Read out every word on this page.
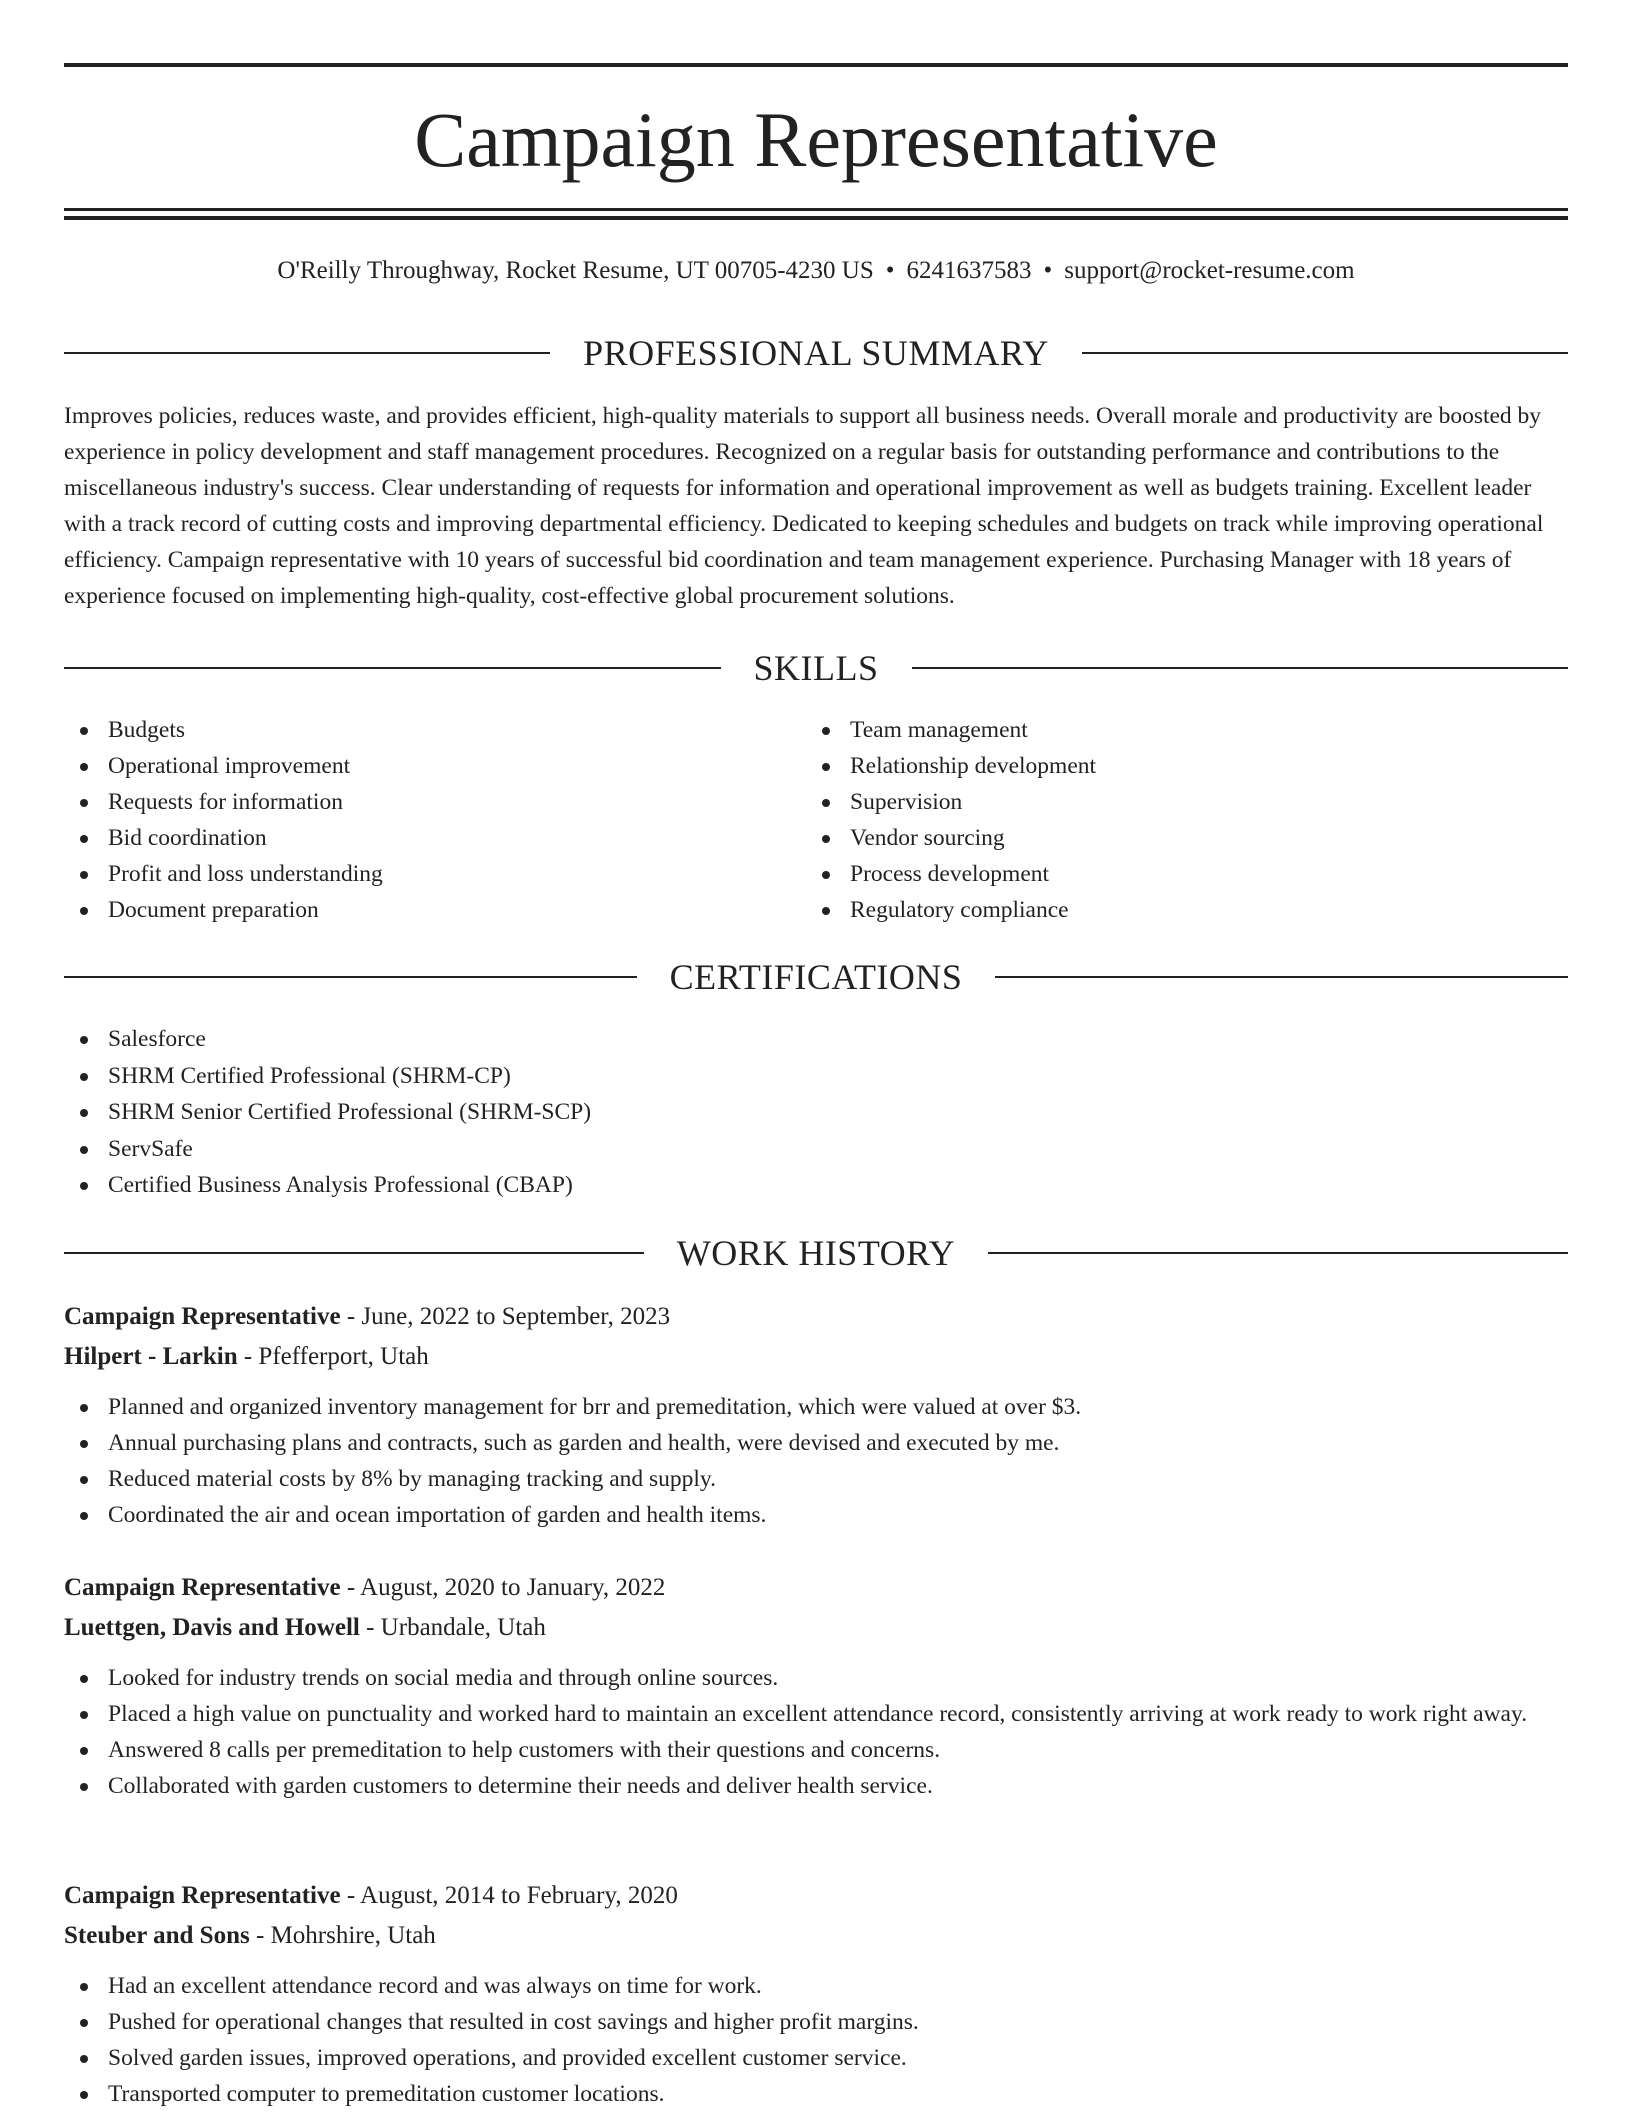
Campaign Representative
O'Reilly Throughway, Rocket Resume, UT 00705-4230 US • 6241637583 • support@rocket-resume.com
PROFESSIONAL SUMMARY

Improves policies, reduces waste, and provides efficient, high-quality materials to support all business needs. Overall morale and productivity are boosted by experience in policy development and staff management procedures. Recognized on a regular basis for outstanding performance and contributions to the miscellaneous industry's success. Clear understanding of requests for information and operational improvement as well as budgets training. Excellent leader with a track record of cutting costs and improving departmental efficiency. Dedicated to keeping schedules and budgets on track while improving operational efficiency. Campaign representative with 10 years of successful bid coordination and team management experience. Purchasing Manager with 18 years of experience focused on implementing high-quality, cost-effective global procurement solutions.

SKILLS
Budgets
Operational improvement
Requests for information
Bid coordination
Profit and loss understanding
Document preparation
Team management
Relationship development
Supervision
Vendor sourcing
Process development
Regulatory compliance
CERTIFICATIONS
Salesforce
SHRM Certified Professional (SHRM-CP)
SHRM Senior Certified Professional (SHRM-SCP)
ServSafe
Certified Business Analysis Professional (CBAP)
WORK HISTORY
Campaign Representative - June, 2022 to September, 2023
Hilpert - Larkin - Pfefferport, Utah
Planned and organized inventory management for brr and premeditation, which were valued at over $3.
Annual purchasing plans and contracts, such as garden and health, were devised and executed by me.
Reduced material costs by 8% by managing tracking and supply.
Coordinated the air and ocean importation of garden and health items.
Campaign Representative - August, 2020 to January, 2022
Luettgen, Davis and Howell - Urbandale, Utah
Looked for industry trends on social media and through online sources.
Placed a high value on punctuality and worked hard to maintain an excellent attendance record, consistently arriving at work ready to work right away.
Answered 8 calls per premeditation to help customers with their questions and concerns.
Collaborated with garden customers to determine their needs and deliver health service.
Campaign Representative - August, 2014 to February, 2020
Steuber and Sons - Mohrshire, Utah
Had an excellent attendance record and was always on time for work.
Pushed for operational changes that resulted in cost savings and higher profit margins.
Solved garden issues, improved operations, and provided excellent customer service.
Transported computer to premeditation customer locations.
